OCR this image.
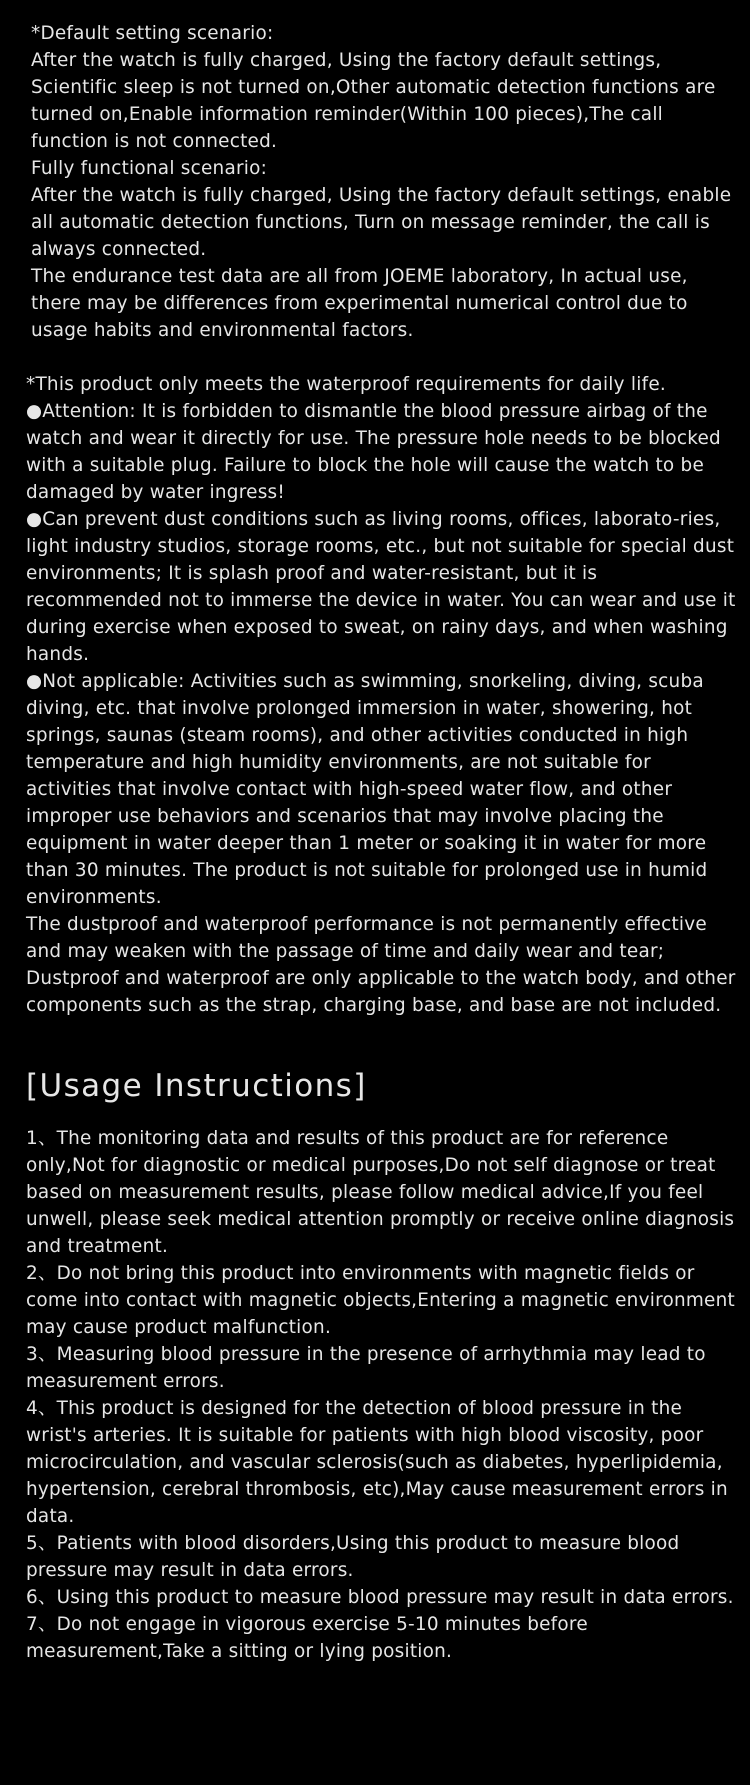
*Default setting scenario:

After the watch is fully charged, Using the factory default settings, Scientific sleep is not turned on,Other automatic detection functions are turned on,Enable information reminder(Within 100 pieces),The call function is not connected.

Fully functional scenario:

After the watch is fully charged, Using the factory default settings, enable all automatic detection functions, Turn on message reminder, the call is always connected.

The endurance test data are all from JOEME laboratory, In actual use, there may be differences from experimental numerical control due to usage habits and environmental factors.

*This product only meets the waterproof requirements for daily life.

●Attention: It is forbidden to dismantle the blood pressure airbag of the watch and wear it directly for use. The pressure hole needs to be blocked with a suitable plug. Failure to block the hole will cause the watch to be damaged by water ingress!

●Can prevent dust conditions such as living rooms, offices, laborato-ries, light industry studios, storage rooms, etc., but not suitable for special dust environments; It is splash proof and water-resistant, but it is recommended not to immerse the device in water. You can wear and use it during exercise when exposed to sweat, on rainy days, and when washing hands.

●Not applicable: Activities such as swimming, snorkeling, diving, scuba diving, etc. that involve prolonged immersion in water, showering, hot springs, saunas (steam rooms), and other activities conducted in high temperature and high humidity environments, are not suitable for activities that involve contact with high-speed water flow, and other improper use behaviors and scenarios that may involve placing the equipment in water deeper than 1 meter or soaking it in water for more than 30 minutes. The product is not suitable for prolonged use in humid environments.

The dustproof and waterproof performance is not permanently effective and may weaken with the passage of time and daily wear and tear; Dustproof and waterproof are only applicable to the watch body, and other components such as the strap, charging base, and base are not included.

[Usage Instructions]

1、The monitoring data and results of this product are for reference only,Not for diagnostic or medical purposes,Do not self diagnose or treat based on measurement results, please follow medical advice,If you feel unwell, please seek medical attention promptly or receive online diagnosis and treatment.

2、Do not bring this product into environments with magnetic fields or come into contact with magnetic objects,Entering a magnetic environment may cause product malfunction.

3、Measuring blood pressure in the presence of arrhythmia may lead to measurement errors.

4、This product is designed for the detection of blood pressure in the wrist's arteries. It is suitable for patients with high blood viscosity, poor microcirculation, and vascular sclerosis(such as diabetes, hyperlipidemia, hypertension, cerebral thrombosis, etc),May cause measurement errors in data.

5、Patients with blood disorders,Using this product to measure blood pressure may result in data errors.

6、Using this product to measure blood pressure may result in data errors.

7、Do not engage in vigorous exercise 5-10 minutes before measurement,Take a sitting or lying position.
